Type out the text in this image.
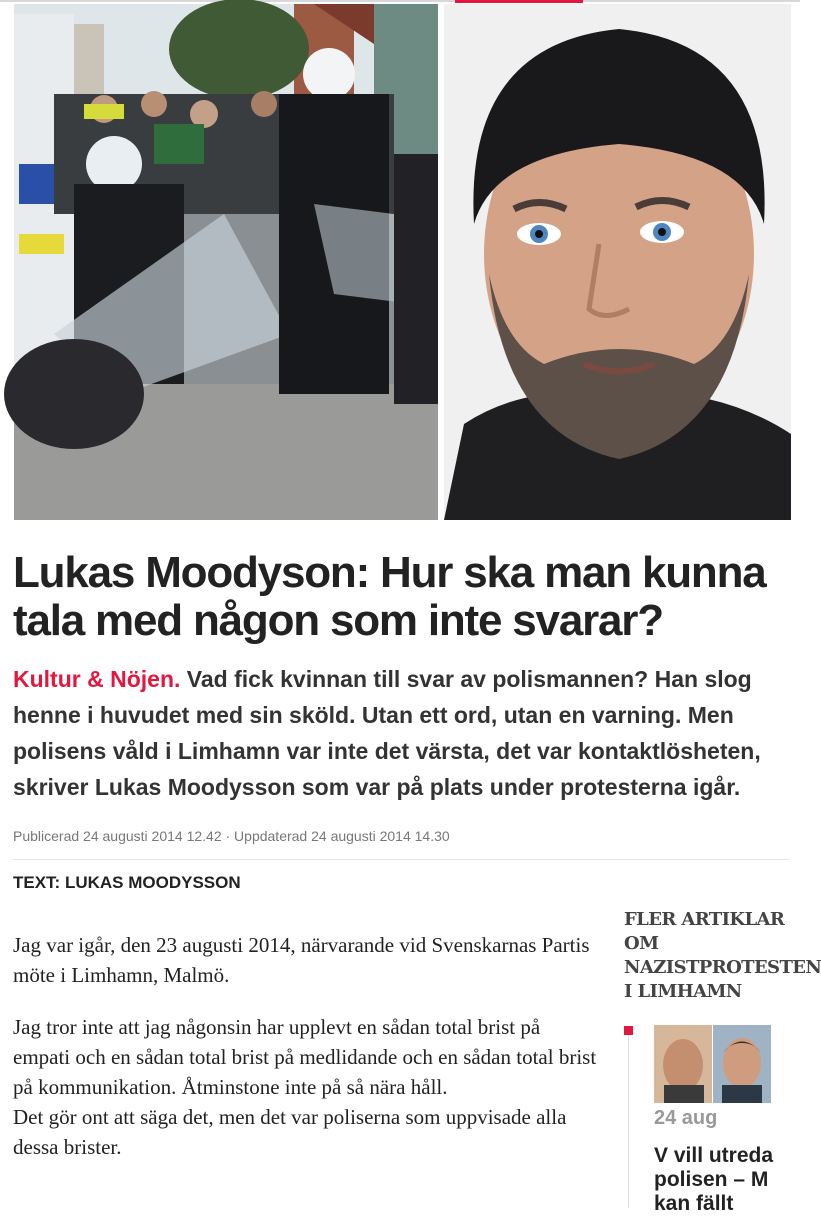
Lukas Moodyson: Hur ska man kunna tala med någon som inte svarar?

Kultur & Nöjen. Vad fick kvinnan till svar av polismannen? Han slog henne i huvudet med sin sköld. Utan ett ord, utan en varning. Men polisens våld i Limhamn var inte det värsta, det var kontaktlösheten, skriver Lukas Moodysson som var på plats under protesterna igår.

Publicerad 24 augusti 2014 12.42 · Uppdaterad 24 augusti 2014 14.30
TEXT: LUKAS MOODYSSON

Jag var igår, den 23 augusti 2014, närvarande vid Svenskarnas Partis möte i Limhamn, Malmö.

Jag tror inte att jag någonsin har upplevt en sådan total brist på empati och en sådan total brist på medlidande och en sådan total brist på kommunikation. Åtminstone inte på så nära håll.

Det gör ont att säga det, men det var poliserna som uppvisade alla dessa brister.

FLER ARTIKLAR OM NAZISTPROTESTEN I LIMHAMN
24 aug

V vill utreda polisen – M kan fällt
